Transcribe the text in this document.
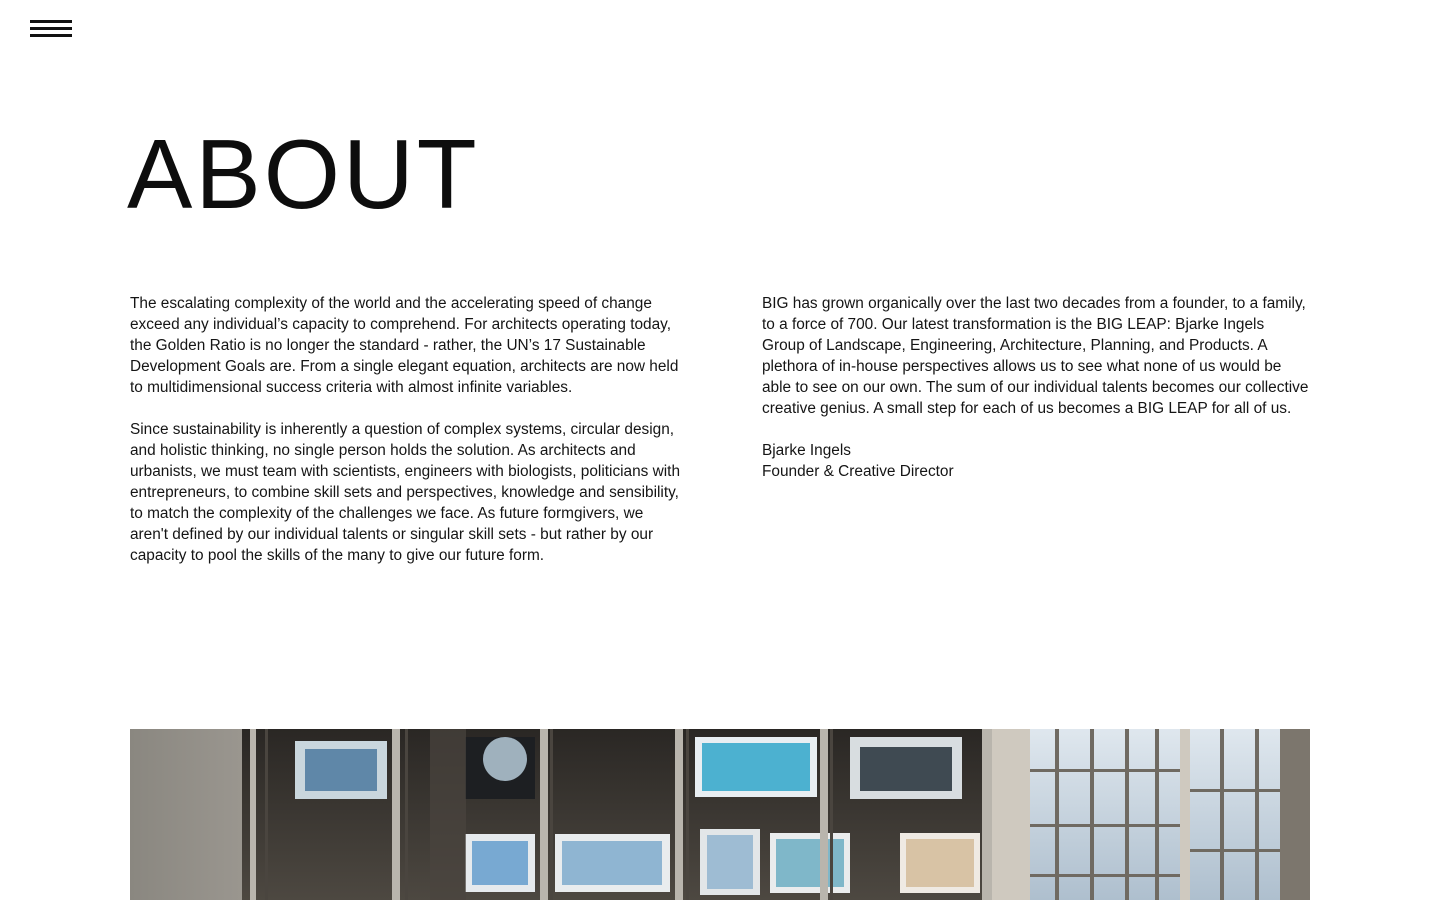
ABOUT

The escalating complexity of the world and the accelerating speed of change exceed any individual’s capacity to comprehend. For architects operating today, the Golden Ratio is no longer the standard - rather, the UN’s 17 Sustainable Development Goals are. From a single elegant equation, architects are now held to multidimensional success criteria with almost infinite variables.

Since sustainability is inherently a question of complex systems, circular design, and holistic thinking, no single person holds the solution. As architects and urbanists, we must team with scientists, engineers with biologists, politicians with entrepreneurs, to combine skill sets and perspectives, knowledge and sensibility, to match the complexity of the challenges we face. As future formgivers, we aren't defined by our individual talents or singular skill sets - but rather by our capacity to pool the skills of the many to give our future form.

BIG has grown organically over the last two decades from a founder, to a family, to a force of 700. Our latest transformation is the BIG LEAP: Bjarke Ingels Group of Landscape, Engineering, Architecture, Planning, and Products. A plethora of in-house perspectives allows us to see what none of us would be able to see on our own. The sum of our individual talents becomes our collective creative genius. A small step for each of us becomes a BIG LEAP for all of us.

Bjarke Ingels
Founder & Creative Director
